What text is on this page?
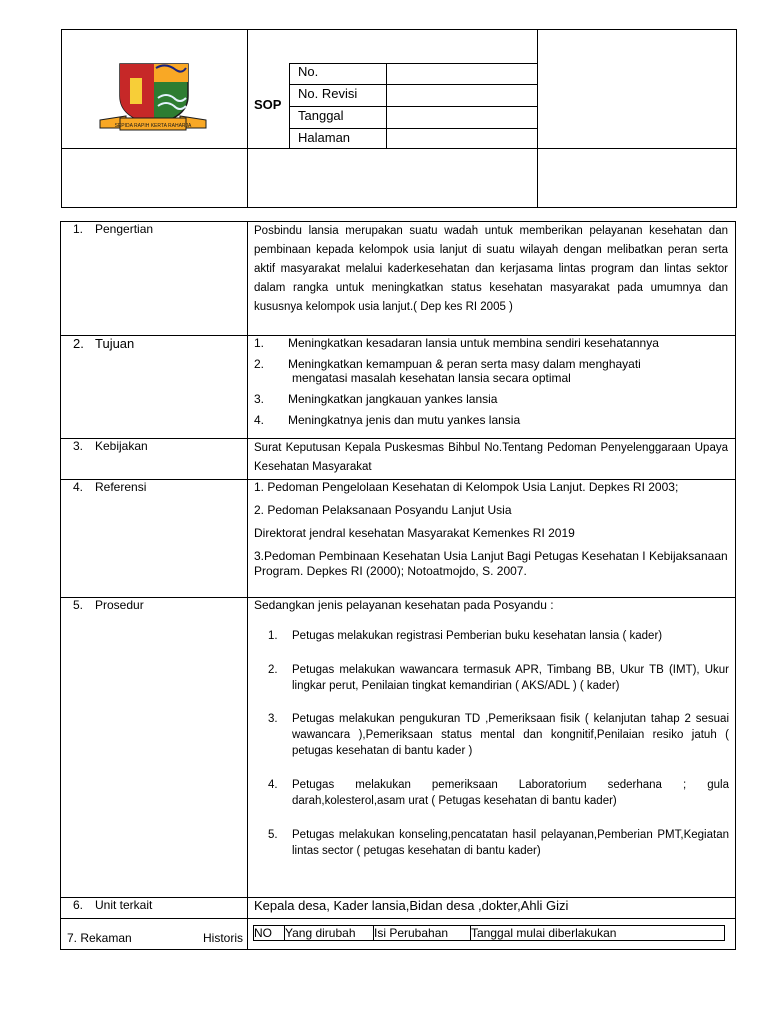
SEPIDA RAPIH KERTA RAHARJA
SOP
No.
No. Revisi
Tanggal
Halaman
1. Pengertian	Posbindu lansia merupakan suatu wadah untuk memberikan pelayanan kesehatan dan pembinaan kepada kelompok usia lanjut di suatu wilayah dengan melibatkan peran serta aktif masyarakat melalui kaderkesehatan dan kerjasama lintas program dan lintas sektor dalam rangka untuk meningkatkan status kesehatan masyarakat pada umumnya dan kususnya kelompok usia lanjut.( Dep kes RI 2005 )

2. Tujuan	1.	Meningkatkan kesadaran lansia untuk membina sendiri kesehatannya
2.	Meningkatkan kemampuan & peran serta masy dalam menghayati
mengatasi masalah kesehatan lansia secara optimal
3.	Meningkatkan jangkauan yankes lansia
4.	Meningkatnya jenis dan mutu yankes lansia

3. Kebijakan	Surat Keputusan Kepala Puskesmas Bihbul No.Tentang Pedoman Penyelenggaraan Upaya Kesehatan Masyarakat

4. Referensi	1. Pedoman Pengelolaan Kesehatan di Kelompok Usia Lanjut. Depkes RI 2003;

2. Pedoman Pelaksanaan Posyandu Lanjut Usia

Direktorat jendral kesehatan Masyarakat Kemenkes RI 2019

3.Pedoman Pembinaan Kesehatan Usia Lanjut Bagi Petugas Kesehatan I Kebijaksanaan Program. Depkes RI (2000); Notoatmojdo, S. 2007.

5. Prosedur	Sedangkan jenis pelayanan kesehatan pada Posyandu :
1.	Petugas melakukan registrasi Pemberian buku kesehatan lansia ( kader)
2.	Petugas melakukan wawancara termasuk APR, Timbang BB, Ukur TB (IMT), Ukur lingkar perut, Penilaian tingkat kemandirian ( AKS/ADL ) ( kader)
3.	Petugas melakukan pengukuran TD ,Pemeriksaan fisik ( kelanjutan tahap 2 sesuai wawancara ),Pemeriksaan status mental dan kongnitif,Penilaian resiko jatuh ( petugas kesehatan di bantu kader )
4.	Petugas melakukan pemeriksaan Laboratorium sederhana ; gula darah,kolesterol,asam urat ( Petugas kesehatan di bantu kader)
5.	Petugas melakukan konseling,pencatatan hasil pelayanan,Pemberian PMT,Kegiatan lintas sector ( petugas kesehatan di bantu kader)

6. Unit terkait	Kepala desa, Kader lansia,Bidan desa ,dokter,Ahli Gizi

7. Rekaman	Historis
	NO	Yang dirubah	Isi Perubahan	Tanggal mulai diberlakukan
